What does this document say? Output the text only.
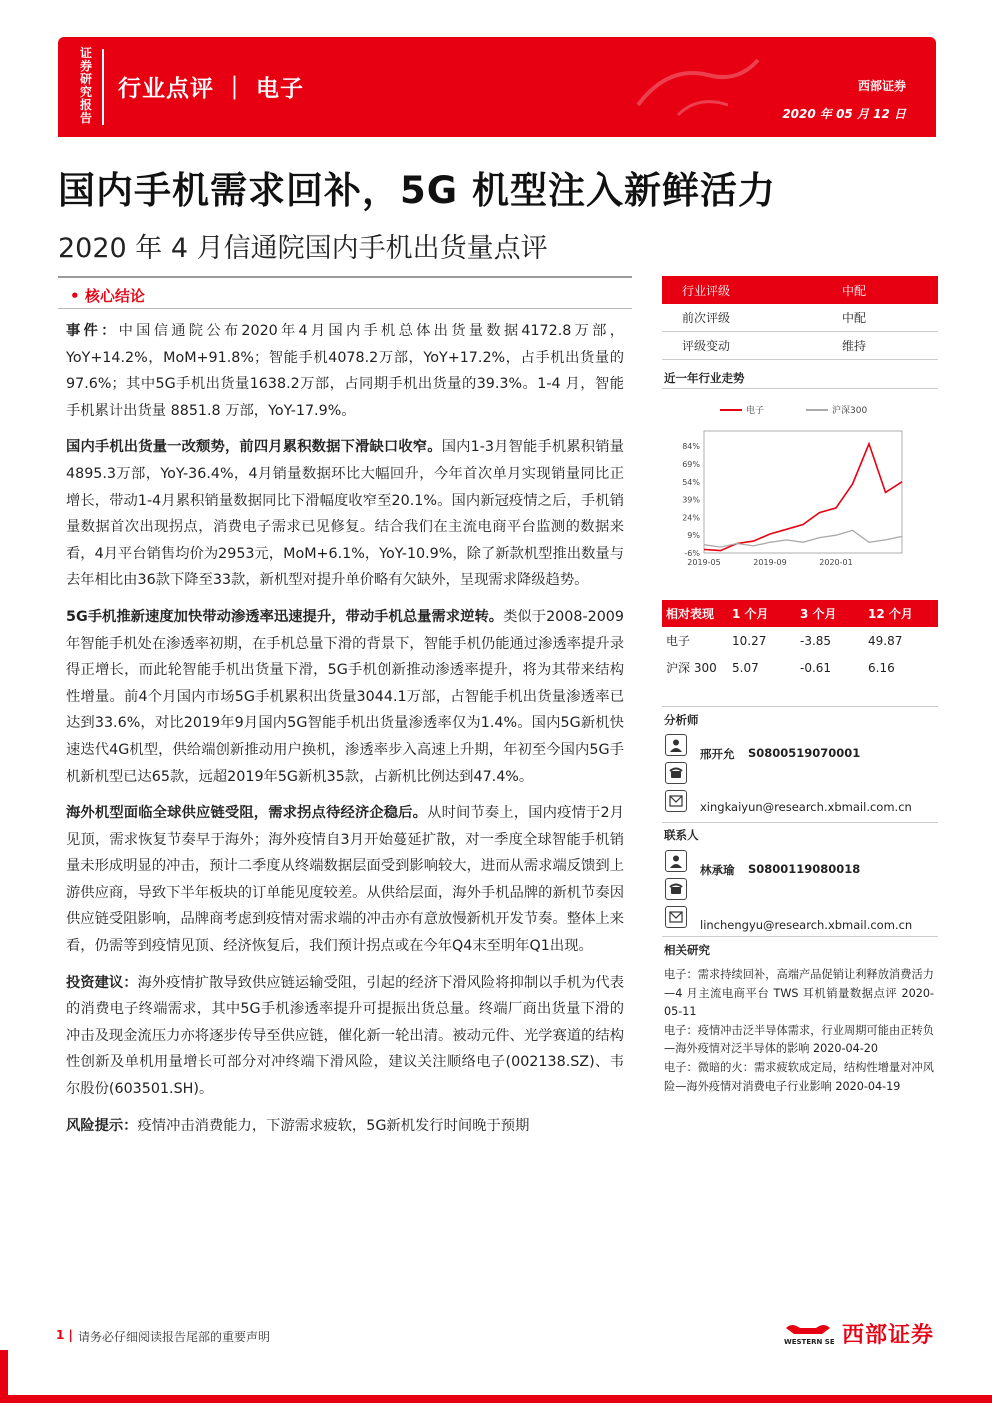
证券研究报告
行业点评 ｜ 电子	西部证券
2020 年 05 月 12 日
国内手机需求回补，5G 机型注入新鲜活力
2020 年 4 月信通院国内手机出货量点评
• 核心结论

事件：中国信通院公布2020年4月国内手机总体出货量数据4172.8万部，YoY+14.2%，MoM+91.8%；智能手机4078.2万部，YoY+17.2%，占手机出货量的97.6%；其中5G手机出货量1638.2万部，占同期手机出货量的39.3%。1-4 月，智能手机累计出货量 8851.8 万部，YoY-17.9%。

国内手机出货量一改颓势，前四月累积数据下滑缺口收窄。国内1-3月智能手机累积销量4895.3万部，YoY-36.4%，4月销量数据环比大幅回升，今年首次单月实现销量同比正增长，带动1-4月累积销量数据同比下滑幅度收窄至20.1%。国内新冠疫情之后，手机销量数据首次出现拐点，消费电子需求已见修复。结合我们在主流电商平台监测的数据来看，4月平台销售均价为2953元，MoM+6.1%，YoY-10.9%，除了新款机型推出数量与去年相比由36款下降至33款，新机型对提升单价略有欠缺外，呈现需求降级趋势。

5G手机推新速度加快带动渗透率迅速提升，带动手机总量需求逆转。类似于2008-2009年智能手机处在渗透率初期，在手机总量下滑的背景下，智能手机仍能通过渗透率提升录得正增长，而此轮智能手机出货量下滑，5G手机创新推动渗透率提升，将为其带来结构性增量。前4个月国内市场5G手机累积出货量3044.1万部，占智能手机出货量渗透率已达到33.6%，对比2019年9月国内5G智能手机出货量渗透率仅为1.4%。国内5G新机快速迭代4G机型，供给端创新推动用户换机，渗透率步入高速上升期，年初至今国内5G手机新机型已达65款，远超2019年5G新机35款，占新机比例达到47.4%。

海外机型面临全球供应链受阻，需求拐点待经济企稳后。从时间节奏上，国内疫情于2月见顶，需求恢复节奏早于海外；海外疫情自3月开始蔓延扩散，对一季度全球智能手机销量未形成明显的冲击，预计二季度从终端数据层面受到影响较大，进而从需求端反馈到上游供应商，导致下半年板块的订单能见度较差。从供给层面，海外手机品牌的新机节奏因供应链受阻影响，品牌商考虑到疫情对需求端的冲击亦有意放慢新机开发节奏。整体上来看，仍需等到疫情见顶、经济恢复后，我们预计拐点或在今年Q4末至明年Q1出现。

投资建议：海外疫情扩散导致供应链运输受阻，引起的经济下滑风险将抑制以手机为代表的消费电子终端需求，其中5G手机渗透率提升可提振出货总量。终端厂商出货量下滑的冲击及现金流压力亦将逐步传导至供应链，催化新一轮出清。被动元件、光学赛道的结构性创新及单机用量增长可部分对冲终端下滑风险，建议关注顺络电子(002138.SZ)、韦尔股份(603501.SH)。

风险提示：疫情冲击消费能力，下游需求疲软，5G新机发行时间晚于预期

行业评级	中配
前次评级	中配
评级变动	维持
近一年行业走势
电子	沪深300
84%
69%
54%
39%
24%
9%
-6%
2019-05	2019-09	2020-01
相对表现	1 个月	3 个月	12 个月
电子	10.27	-3.85	49.87
沪深 300	5.07	-0.61	6.16
分析师
邢开允 S0800519070001
xingkaiyun@research.xbmail.com.cn
联系人
林承瑜 S0800119080018
linchengyu@research.xbmail.com.cn
相关研究
电子：需求持续回补，高端产品促销让利释放消费活力—4 月主流电商平台 TWS 耳机销量数据点评 2020-05-11
电子：疫情冲击泛半导体需求，行业周期可能由正转负—海外疫情对泛半导体的影响 2020-04-20
电子：微暗的火：需求疲软成定局，结构性增量对冲风险—海外疫情对消费电子行业影响 2020-04-19
1 | 请务必仔细阅读报告尾部的重要声明	WESTERN SE 西部证券
